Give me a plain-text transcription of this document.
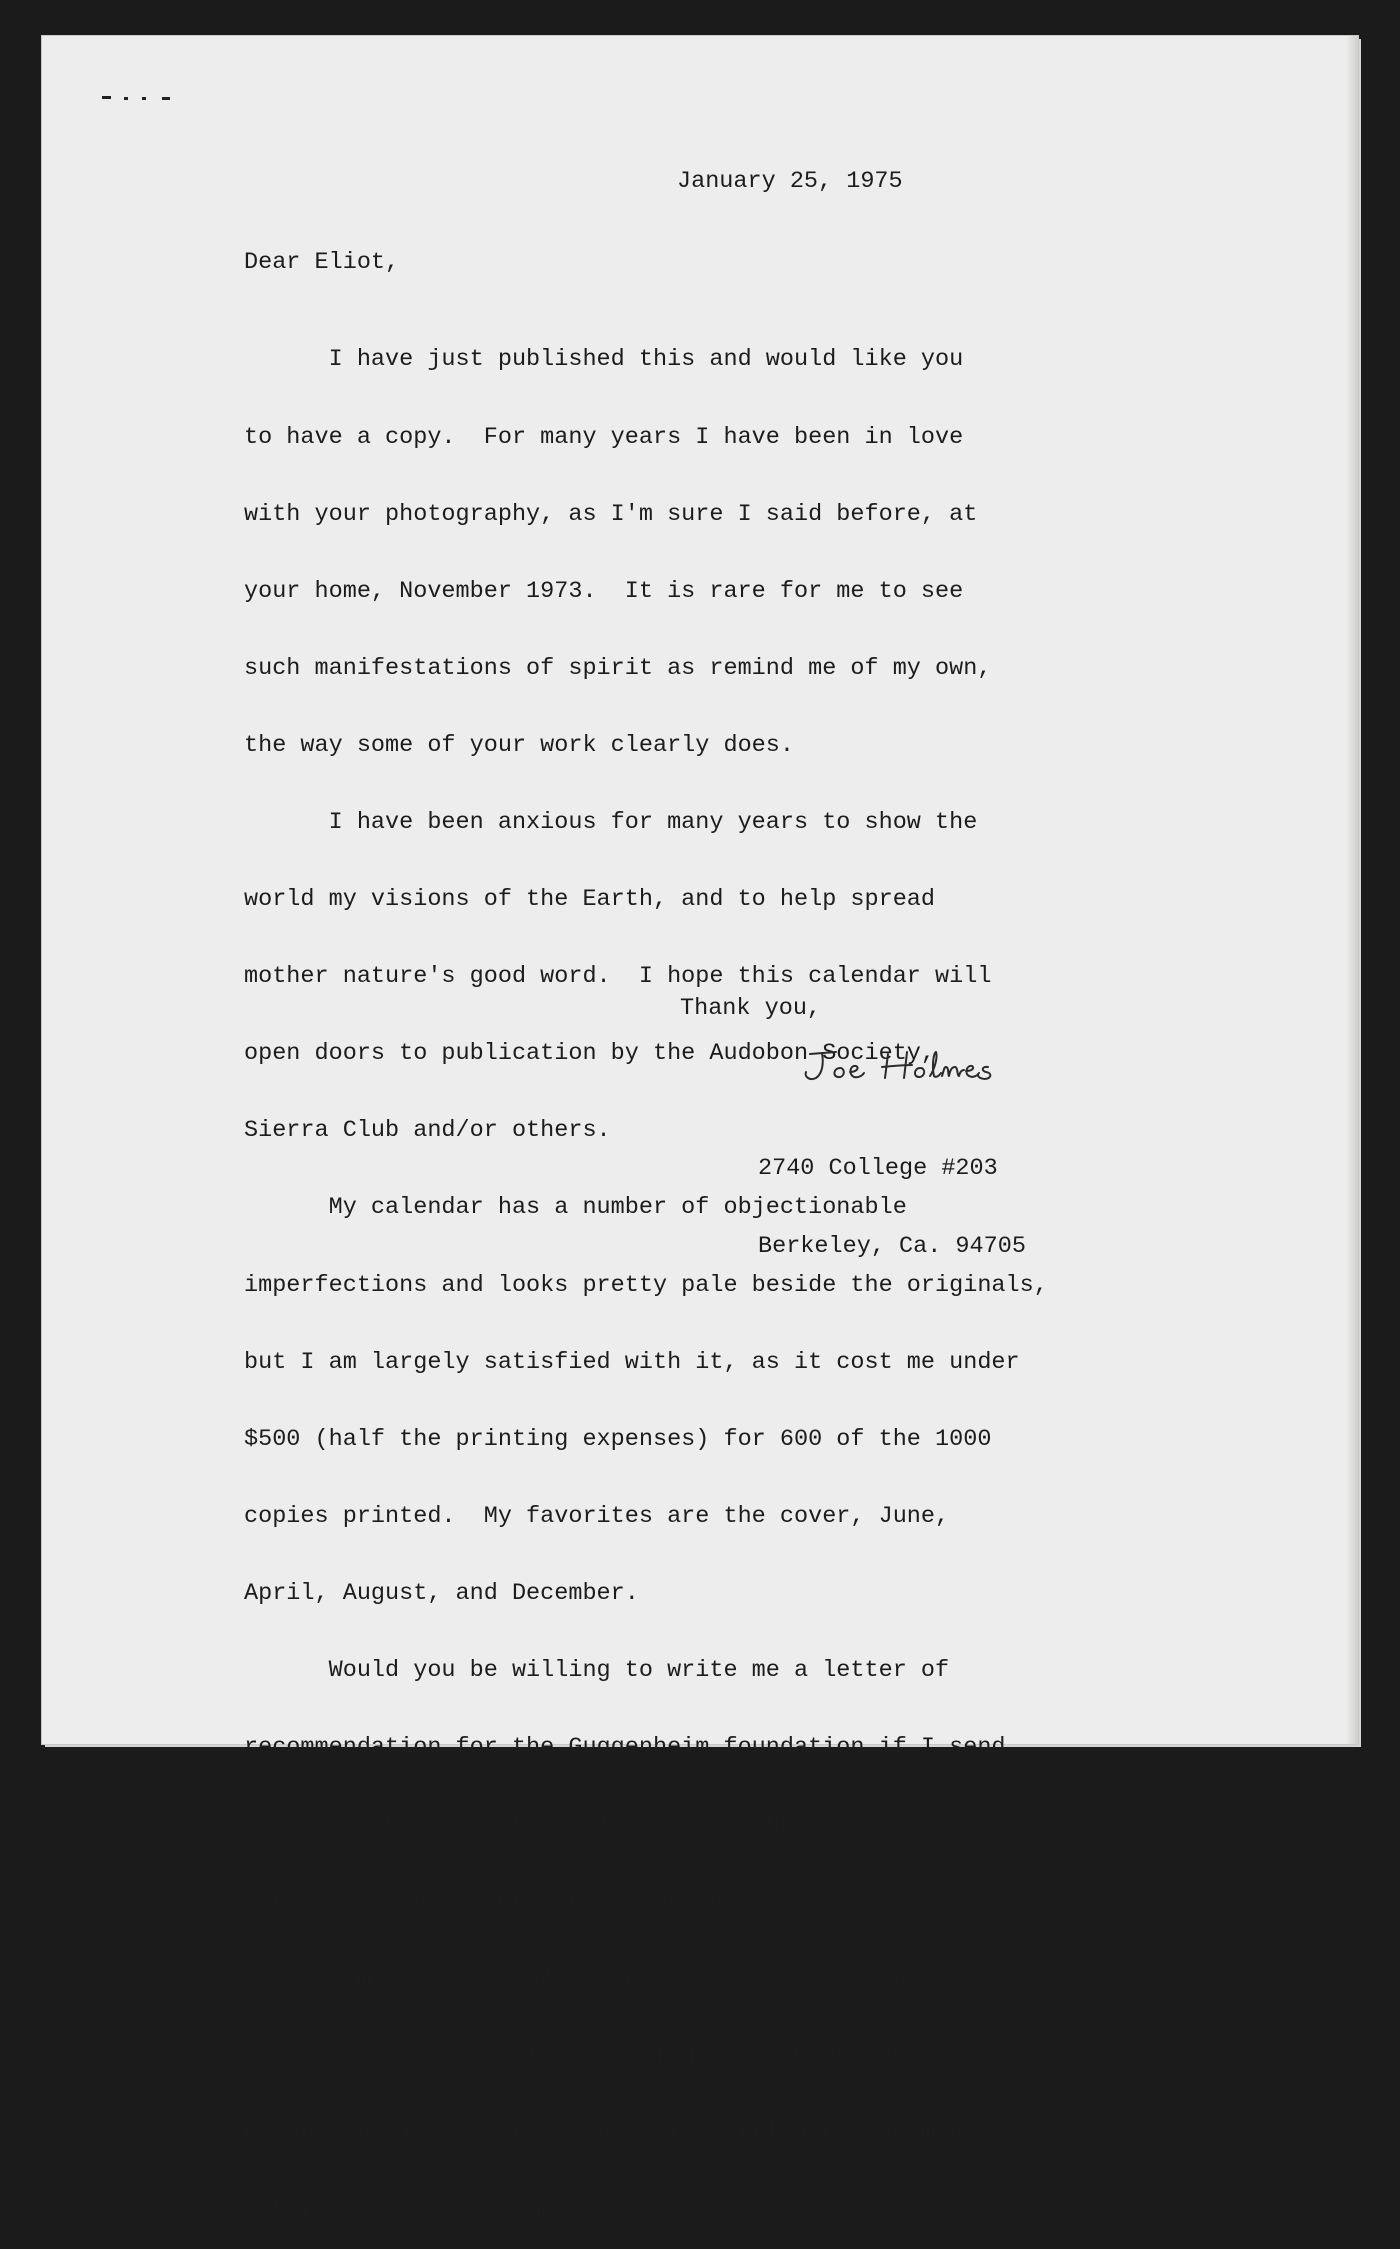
January 25, 1975

Dear Eliot,

I have just published this and would like you

to have a copy.  For many years I have been in love

with your photography, as I'm sure I said before, at

your home, November 1973.  It is rare for me to see

such manifestations of spirit as remind me of my own,

the way some of your work clearly does.

I have been anxious for many years to show the

world my visions of the Earth, and to help spread

mother nature's good word.  I hope this calendar will

open doors to publication by the Audobon Society,

Sierra Club and/or others.

My calendar has a number of objectionable

imperfections and looks pretty pale beside the originals,

but I am largely satisfied with it, as it cost me under

$500 (half the printing expenses) for 600 of the 1000

copies printed.  My favorites are the cover, June,

April, August, and December.

Would you be willing to write me a letter of

recommendation for the Guggenheim foundation if I send

you a batch of prints to look at a couple of months

from now?  The prints speak for themselves.

I'm sorry I couldn't return to see you in the

spring last year as I said I might.  I hope your

bicentennial project has been fruitful and that many

others are yet to come.

Thank you,

2740 College #203

Berkeley, Ca. 94705
